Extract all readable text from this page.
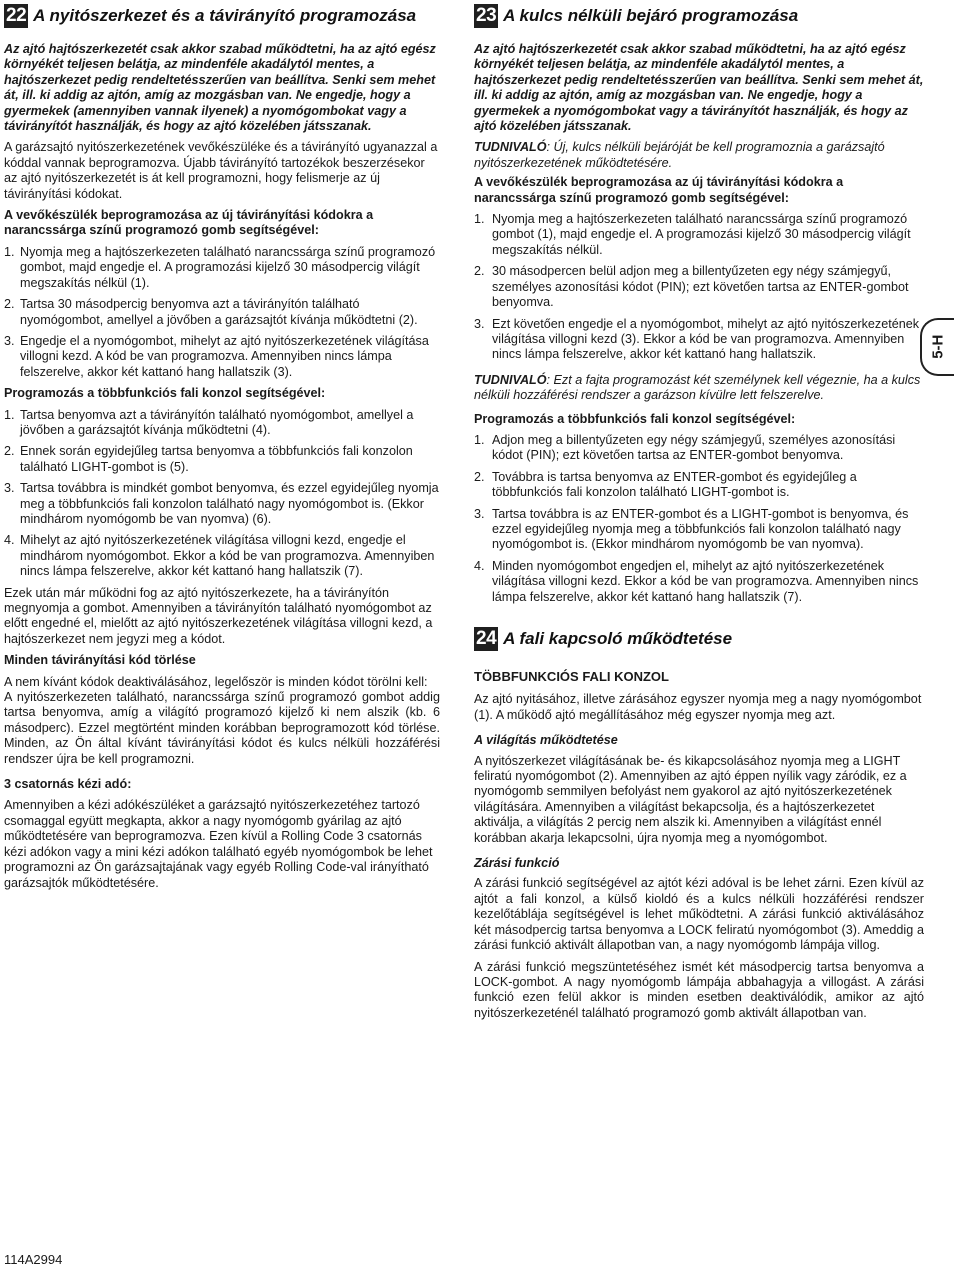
22 A nyitószerkezet és a távirányító programozása

Az ajtó hajtószerkezetét csak akkor szabad működtetni, ha az ajtó egész környékét teljesen belátja, az mindenféle akadálytól mentes, a hajtószerkezet pedig rendeltetésszerűen van beállítva. Senki sem mehet át, ill. ki addig az ajtón, amíg az mozgásban van. Ne engedje, hogy a gyermekek (amennyiben vannak ilyenek) a nyomógombokat vagy a távirányítót használják, és hogy az ajtó közelében játsszanak.

A garázsajtó nyitószerkezetének vevőkészüléke és a távirányító ugyanazzal a kóddal vannak beprogramozva. Újabb távirányító tartozékok beszerzésekor az ajtó nyitószerkezetét is át kell programozni, hogy felismerje az új távirányítási kódokat.

A vevőkészülék beprogramozása az új távirányítási kódokra a narancssárga színű programozó gomb segítségével:

1. Nyomja meg a hajtószerkezeten található narancssárga színű programozó gombot, majd engedje el. A programozási kijelző 30 másodpercig világít megszakítás nélkül (1).
2. Tartsa 30 másodpercig benyomva azt a távirányítón található nyomógombot, amellyel a jövőben a garázsajtót kívánja működtetni (2).
3. Engedje el a nyomógombot, mihelyt az ajtó nyitószerkezetének világítása villogni kezd. A kód be van programozva. Amennyiben nincs lámpa felszerelve, akkor két kattanó hang hallatszik (3).

Programozás a többfunkciós fali konzol segítségével:

1. Tartsa benyomva azt a távirányítón található nyomógombot, amellyel a jövőben a garázsajtót kívánja működtetni (4).
2. Ennek során egyidejűleg tartsa benyomva a többfunkciós fali konzolon található LIGHT-gombot is (5).
3. Tartsa továbbra is mindkét gombot benyomva, és ezzel egyidejűleg nyomja meg a többfunkciós fali konzolon található nagy nyomógombot is. (Ekkor mindhárom nyomógomb be van nyomva) (6).
4. Mihelyt az ajtó nyitószerkezetének világítása villogni kezd, engedje el mindhárom nyomógombot. Ekkor a kód be van programozva. Amennyiben nincs lámpa felszerelve, akkor két kattanó hang hallatszik (7).

Ezek után már működni fog az ajtó nyitószerkezete, ha a távirányítón megnyomja a gombot. Amennyiben a távirányítón található nyomógombot az előtt engedné el, mielőtt az ajtó nyitószerkezetének világítása villogni kezd, a hajtószerkezet nem jegyzi meg a kódot.

Minden távirányítási kód törlése

A nem kívánt kódok deaktiválásához, legelőször is minden kódot törölni kell:

A nyitószerkezeten található, narancssárga színű programozó gombot addig tartsa benyomva, amíg a világító programozó kijelző ki nem alszik (kb. 6 másodperc). Ezzel megtörtént minden korábban beprogramozott kód törlése. Minden, az Ön által kívánt távirányítási kódot és kulcs nélküli hozzáférési rendszer újra be kell programozni.

3 csatornás kézi adó:

Amennyiben a kézi adókészüléket a garázsajtó nyitószerkezetéhez tartozó csomaggal együtt megkapta, akkor a nagy nyomógomb gyárilag az ajtó működtetésére van beprogramozva. Ezen kívül a Rolling Code 3 csatornás kézi adókon vagy a mini kézi adókon található egyéb nyomógombok be lehet programozni az Ön garázsajtajának vagy egyéb Rolling Code-val irányítható garázsajtók működtetésére.

23 A kulcs nélküli bejáró programozása

Az ajtó hajtószerkezetét csak akkor szabad működtetni, ha az ajtó egész környékét teljesen belátja, az mindenféle akadálytól mentes, a hajtószerkezet pedig rendeltetésszerűen van beállítva. Senki sem mehet át, ill. ki addig az ajtón, amíg az mozgásban van. Ne engedje, hogy a gyermekek a nyomógombokat vagy a távirányítót használják, és hogy az ajtó közelében játsszanak.

TUDNIVALÓ: Új, kulcs nélküli bejáróját be kell programoznia a garázsajtó nyitószerkezetének működtetésére.

A vevőkészülék beprogramozása az új távirányítási kódokra a narancssárga színű programozó gomb segítségével:

1. Nyomja meg a hajtószerkezeten található narancssárga színű programozó gombot (1), majd engedje el. A programozási kijelző 30 másodpercig világít megszakítás nélkül.
2. 30 másodpercen belül adjon meg a billentyűzeten egy négy számjegyű, személyes azonosítási kódot (PIN); ezt követően tartsa az ENTER-gombot benyomva.
3. Ezt követően engedje el a nyomógombot, mihelyt az ajtó nyitószerkezetének világítása villogni kezd (3). Ekkor a kód be van programozva. Amennyiben nincs lámpa felszerelve, akkor két kattanó hang hallatszik.

TUDNIVALÓ: Ezt a fajta programozást két személynek kell végeznie, ha a kulcs nélküli hozzáférési rendszer a garázson kívülre lett felszerelve.

Programozás a többfunkciós fali konzol segítségével:

1. Adjon meg a billentyűzeten egy négy számjegyű, személyes azonosítási kódot (PIN); ezt követően tartsa az ENTER-gombot benyomva.
2. Továbbra is tartsa benyomva az ENTER-gombot és egyidejűleg a többfunkciós fali konzolon található LIGHT-gombot is.
3. Tartsa továbbra is az ENTER-gombot és a LIGHT-gombot is benyomva, és ezzel egyidejűleg nyomja meg a többfunkciós fali konzolon található nagy nyomógombot is. (Ekkor mindhárom nyomógomb be van nyomva).
4. Minden nyomógombot engedjen el, mihelyt az ajtó nyitószerkezetének világítása villogni kezd. Ekkor a kód be van programozva. Amennyiben nincs lámpa felszerelve, akkor két kattanó hang hallatszik (7).
24 A fali kapcsoló működtetése

TÖBBFUNKCIÓS FALI KONZOL

Az ajtó nyitásához, illetve zárásához egyszer nyomja meg a nagy nyomógombot (1). A működő ajtó megállításához még egyszer nyomja meg azt.

A világítás működtetése

A nyitószerkezet világításának be- és kikapcsolásához nyomja meg a LIGHT feliratú nyomógombot (2). Amennyiben az ajtó éppen nyílik vagy záródik, ez a nyomógomb semmilyen befolyást nem gyakorol az ajtó nyitószerkezetének világítására. Amennyiben a világítást bekapcsolja, és a hajtószerkezetet aktiválja, a világítás 2 percig nem alszik ki. Amennyiben a világítást ennél korábban akarja lekapcsolni, újra nyomja meg a nyomógombot.

Zárási funkció

A zárási funkció segítségével az ajtót kézi adóval is be lehet zárni. Ezen kívül az ajtót a fali konzol, a külső kioldó és a kulcs nélküli hozzáférési rendszer kezelőtáblája segítségével is lehet működtetni. A zárási funkció aktiválásához két másodpercig tartsa benyomva a LOCK feliratú nyomógombot (3). Ameddig a zárási funkció aktivált állapotban van, a nagy nyomógomb lámpája villog.

A zárási funkció megszüntetéséhez ismét két másodpercig tartsa benyomva a LOCK-gombot. A nagy nyomógomb lámpája abbahagyja a villogást. A zárási funkció ezen felül akkor is minden esetben deaktiválódik, amikor az ajtó nyitószerkezeténél található programozó gomb aktivált állapotban van.

5-H
114A2994
